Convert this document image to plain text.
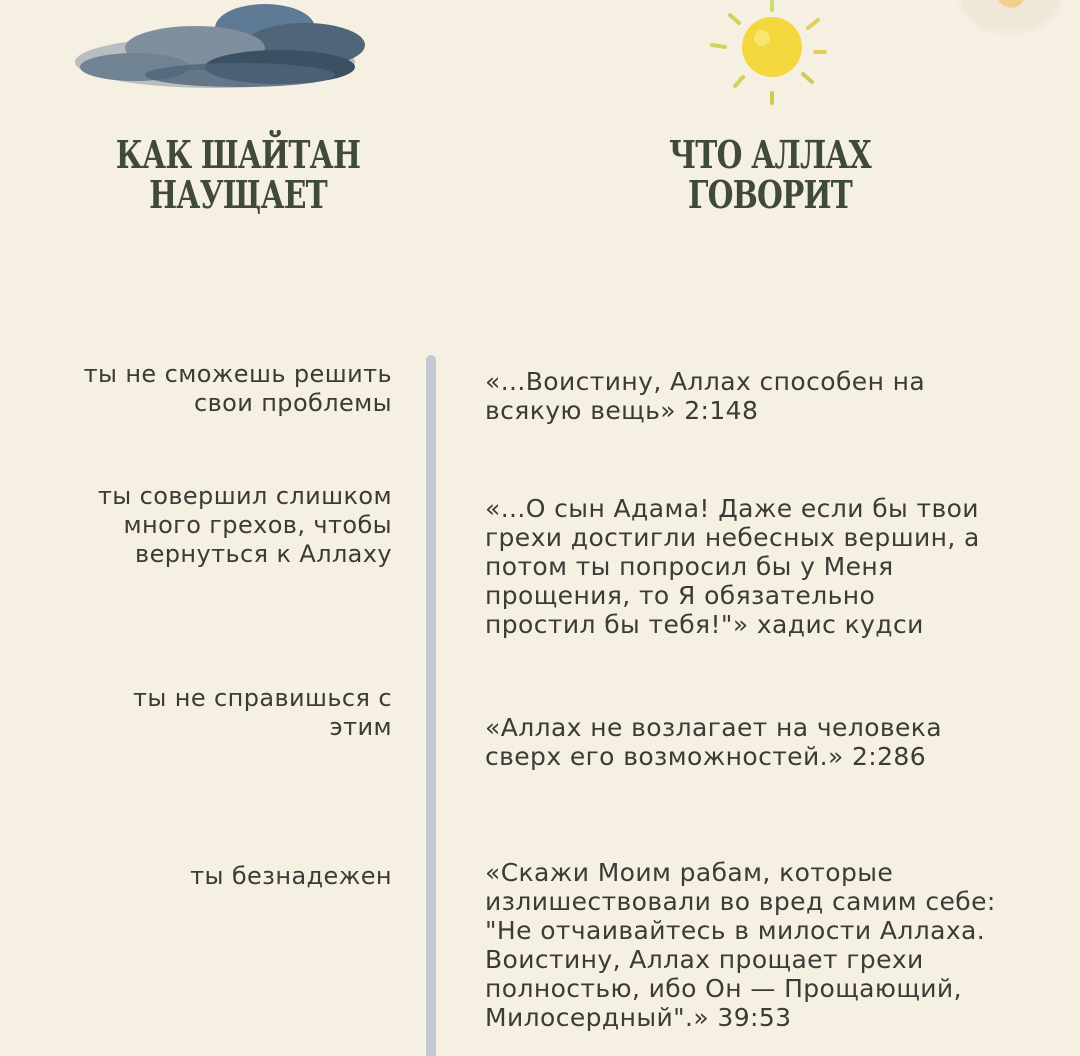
КАК ШАЙТАН
НАУЩАЕТ
ЧТО АЛЛАХ
ГОВОРИТ
ты не сможешь решить
свои проблемы
«...Воистину, Аллах способен на
всякую вещь» 2:148
ты совершил слишком
много грехов, чтобы
вернуться к Аллаху
«...О сын Адама! Даже если бы твои
грехи достигли небесных вершин, а
потом ты попросил бы у Меня
прощения, то Я обязательно
простил бы тебя!"» хадис кудси
ты не справишься с
этим	«Аллах не возлагает на человека
сверх его возможностей.» 2:286
ты безнадежен	«Скажи Моим рабам, которые
излишествовали во вред самим себе:
"Не отчаивайтесь в милости Аллаха.
Воистину, Аллах прощает грехи
полностью, ибо Он — Прощающий,
Милосердный".» 39:53
